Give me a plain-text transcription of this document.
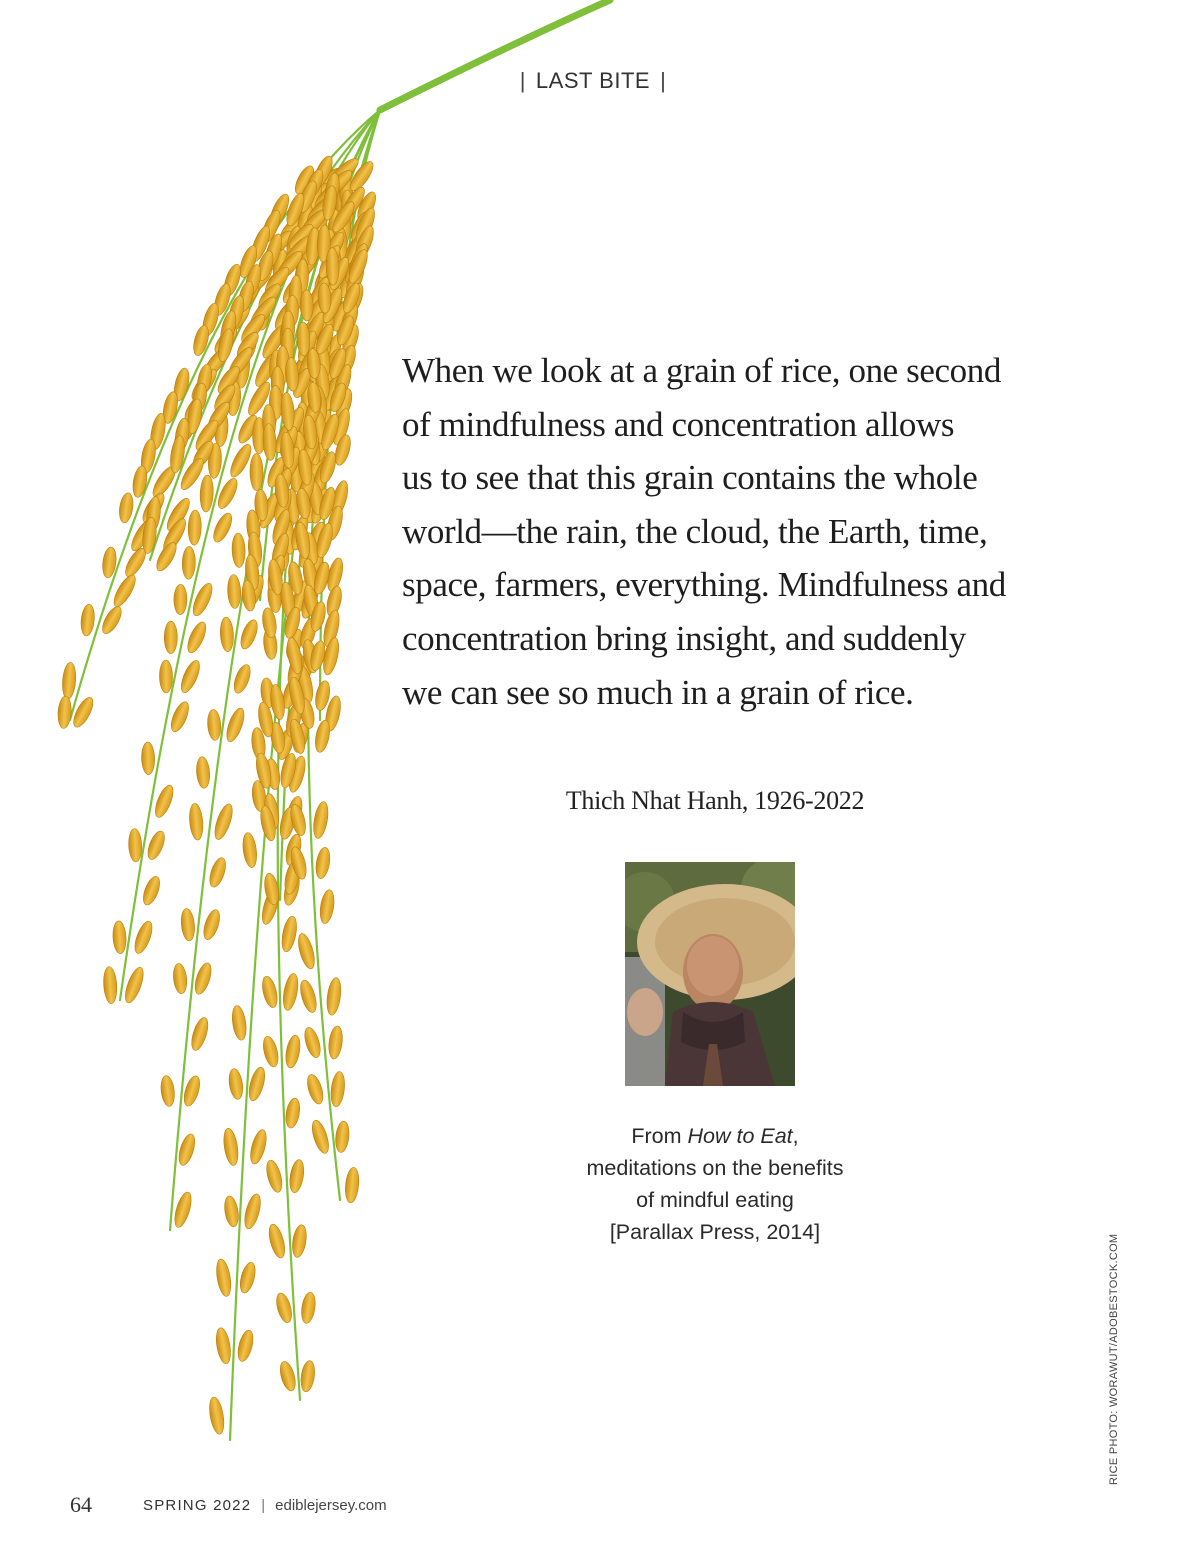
| LAST BITE |

When we look at a grain of rice, one second
of mindfulness and concentration allows
us to see that this grain contains the whole
world—the rain, the cloud, the Earth, time,
space, farmers, everything. Mindfulness and
concentration bring insight, and suddenly
we can see so much in a grain of rice.

Thich Nhat Hanh, 1926-2022
From How to Eat,
meditations on the benefits
of mindful eating
[Parallax Press, 2014]
RICE PHOTO: WORAWUT/ADOBESTOCK.COM
64	SPRING 2022 | ediblejersey.com
